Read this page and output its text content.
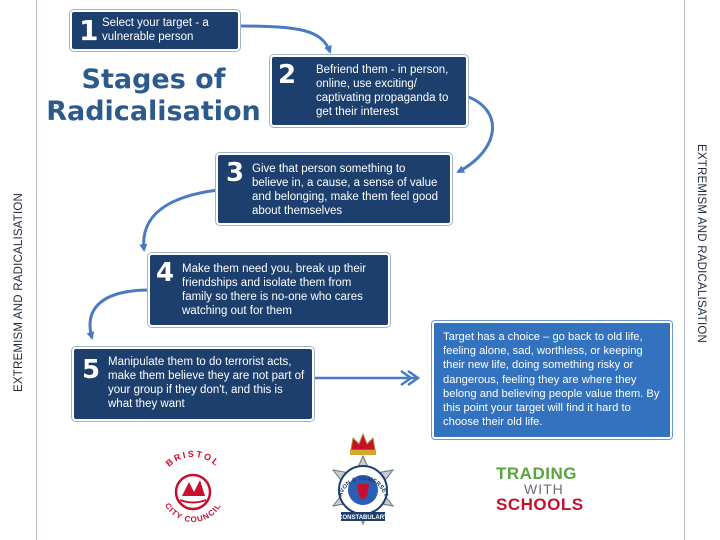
EXTREMISM AND RADICALISATION	EXTREMISM AND RADICALISATION
Stages of
Radicalisation
1 Select your target - a vulnerable person
2 Befriend them - in person, online, use exciting/ captivating propaganda to get their interest
3 Give that person something to believe in, a cause, a sense of value and belonging, make them feel good about themselves
4 Make them need you, break up their friendships and isolate them from family so there is no-one who cares watching out for them
5 Manipulate them to do terrorist acts, make them believe they are not part of your group if they don't, and this is what they want
Target has a choice – go back to old life, feeling alone, sad, worthless, or keeping their new life, doing something risky or dangerous, feeling they are where they belong and believing people value them. By this point your target will find it hard to choose their old life.
BRISTOL
CITY COUNCIL
AVON & SOMERSET
CONSTABULARY
TRADING
WITH
SCHOOLS
